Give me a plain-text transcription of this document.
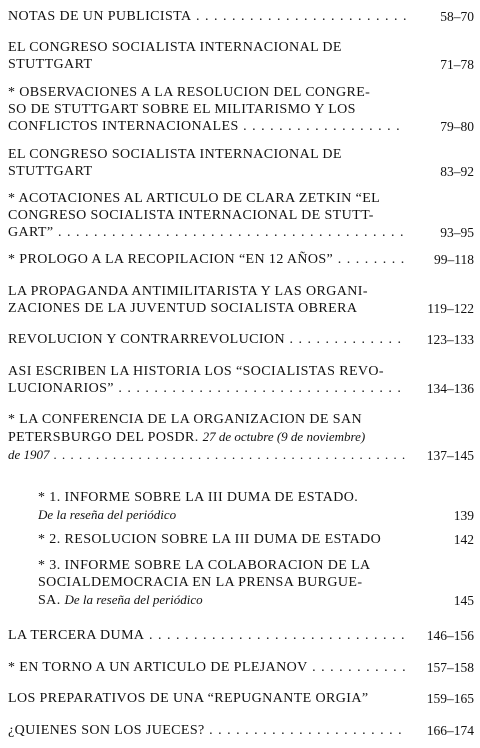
NOTAS DE UN PUBLICISTA . . .	58–70
EL CONGRESO SOCIALISTA INTERNACIONAL DE
STUTTGART	71–78
* OBSERVACIONES A LA RESOLUCION DEL CONGRE-
SO DE STUTTGART SOBRE EL MILITARISMO Y LOS
CONFLICTOS INTERNACIONALES . . .	79–80
EL CONGRESO SOCIALISTA INTERNACIONAL DE
STUTTGART	83–92
* ACOTACIONES AL ARTICULO DE CLARA ZETKIN “EL
CONGRESO SOCIALISTA INTERNACIONAL DE STUTT-
GART” . . .	93–95
* PROLOGO A LA RECOPILACION “EN 12 AÑOS” . . .	99–118
LA PROPAGANDA ANTIMILITARISTA Y LAS ORGANI-
ZACIONES DE LA JUVENTUD SOCIALISTA OBRERA	119–122
REVOLUCION Y CONTRARREVOLUCION . . .	123–133
ASI ESCRIBEN LA HISTORIA LOS “SOCIALISTAS REVO-
LUCIONARIOS” . . .	134–136
* LA CONFERENCIA DE LA ORGANIZACION DE SAN
PETERSBURGO DEL POSDR. 27 de octubre (9 de noviembre)
de 1907 . . .	137–145
* 1. INFORME SOBRE LA III DUMA DE ESTADO.
De la reseña del periódico	139
* 2. RESOLUCION SOBRE LA III DUMA DE ESTADO	142
* 3. INFORME SOBRE LA COLABORACION DE LA
SOCIALDEMOCRACIA EN LA PRENSA BURGUE-
SA. De la reseña del periódico	145
LA TERCERA DUMA . . .	146–156
* EN TORNO A UN ARTICULO DE PLEJANOV . . .	157–158
LOS PREPARATIVOS DE UNA “REPUGNANTE ORGIA”	159–165
¿QUIENES SON LOS JUECES? . . .	166–174
